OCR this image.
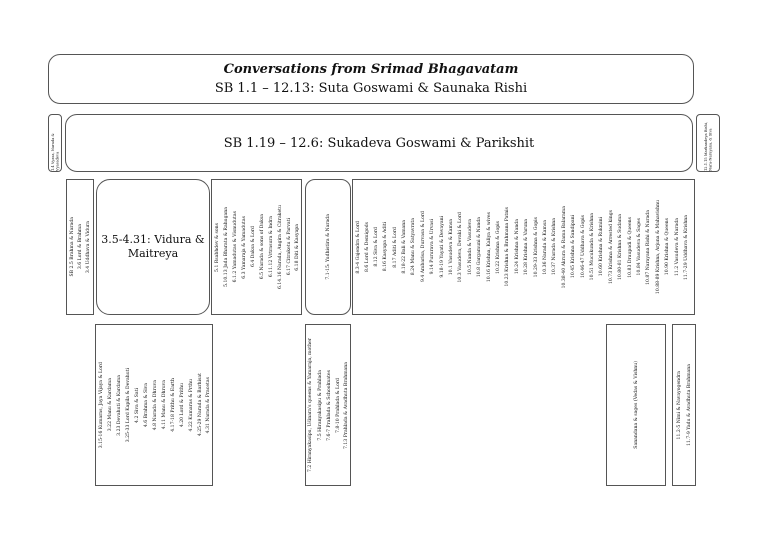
Conversations from Srimad Bhagavatam
SB 1.1 – 12.13: Suta Goswami & Saunaka Rishi
1.4 Vyasa, Narada & Vyasadeva
SB 1.19 – 12.6: Sukadeva Goswami & Parikshit	12.1.15 Markandeya Rishi, Nara-Narayana, & Siva
SB 2.5 Brahma & Narada 3.6 Lord & Brahma 3.4 Uddhava & Vidura 3.5-4.31: Vidura & Maitreya	5.1 Rsabhdev & sons 5.10.13 Jada Bharata & Rahugana 6.1.2 Yamadutas & Visnudutas 6.3 Yamaraja & Yamadutas 6.4 Daksa & Lord 6.5 Narada & sons of Daksa 6.11.12 Vrtrasura & Indra 6.14.16 Narada, Angira & Citraketu 6.17 Citraketu & Parvati 6.18 Diti & Kasyapa	7.1-15: Yudhistira & Narada	8.3-4 Gajendra & Lord 8.6 Lord & Demigods 8.12 Siva & Lord 8.16 Kasyapa & Aditi 8.17 Aditi & Lord 8.18-22 Bali & Vamana 8.24 Manu & Satyavrata 9.4 Ambarisa, Durvasa & Lord 9.14 Pururava & Urvasi 9.18-19 Yayati & Devayani 10.1 Vasudeva & Kamsa 10.3 Vasudeva, Devaki & Lord 10.5 Nanda & Vasudeva 10.8 Gargamuni & Nanda 10.16 Krishna, Kaliya & wives 10.22 Krishna & Gopis 10.23 Krishna & Brahmana Patnis 10.24 Krishna & Nanda 10.28 Krishna & Varuna 10.29-33 Krishna & Gopis 10.36 Narada & Kamsa 10.37 Narada & Krishna 10.38-40 Akrura & Rama Balarama 10.45 Krishna & Sandipani 10.46-47 Uddhava & Gopis 10.51 Mucukunda & Krishna 10.60 Krishna & Rukmini 10.73 Krishna & Arrested kings 10.80-81 Krishna & Sudama 10.83 Draupadi & Queens 10.84 Vasudeva & Sages 10.87 Narayana Rishi & Narada 10.88-89 Krishna, Arjuna & Mahavishnu 10.90 Krishna & Queens 11.2 Vasudeva & Narada 11.7-29 Uddhava & Krishna
3.15-16 Kumaras, Jaya Vijaya & Lord 3.22 Manu & Kardama 3.23 Devahuti & Kardama 3.25-33 Lord Kapila & Devahuti 4.2 Siva & Sati 4.6 Brahma & Siva 4.8 Narada & Dhruva 4.11 Manu & Dhruva 4.17-18 Prithu & Earth 4.20 Lord & Prithu 4.22 Kumaras & Prthu 4.25-29 Narada & Barhisat 4.31 Narada & Pracetas	7.2 Hiranyakasipu, Uśinara's queens & Yamaraja, mother 7.5 Hiranyakasipu & Prahlada 7.6-7 Prahlada & Schoolmates 7.8-10 Prahlada & Lord 7.13 Prahlada & Avadhuta Brahmana	Sanandana & sages (Vedas & Vishnu)	11.2-5 Nimi & Navayogendra 11.7-9 Yadu & Avadhuta Brahmana
